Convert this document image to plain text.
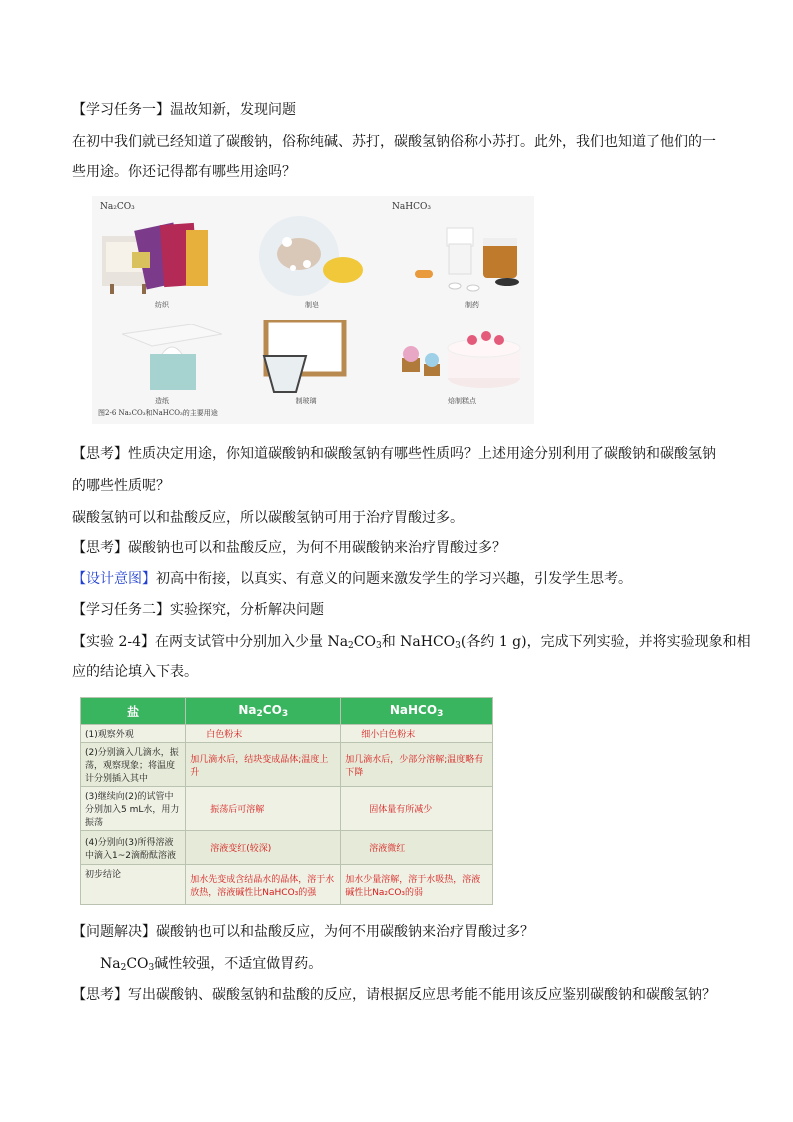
【学习任务一】温故知新，发现问题
在初中我们就已经知道了碳酸钠，俗称纯碱、苏打，碳酸氢钠俗称小苏打。此外，我们也知道了他们的一
些用途。你还记得都有哪些用途吗？
Na₂CO₃	NaHCO₃
纺织	制皂	制药
造纸	制玻璃	焙制糕点
图2-6 Na₂CO₃和NaHCO₃的主要用途
【思考】性质决定用途，你知道碳酸钠和碳酸氢钠有哪些性质吗？上述用途分别利用了碳酸钠和碳酸氢钠
的哪些性质呢？
碳酸氢钠可以和盐酸反应，所以碳酸氢钠可用于治疗胃酸过多。
【思考】碳酸钠也可以和盐酸反应，为何不用碳酸钠来治疗胃酸过多？
【设计意图】初高中衔接，以真实、有意义的问题来激发学生的学习兴趣，引发学生思考。
【学习任务二】实验探究，分析解决问题
【实验 2-4】在两支试管中分别加入少量 $Na_2CO_3$和 NaHCO$_3$(各约 1 g)，完成下列实验，并将实验现象和相
应的结论填入下表。
盐	$Na_2CO_3$	NaHCO$_3$
(1)观察外观	白色粉末	细小白色粉末
(2)分别滴入几滴水，振荡，观察现象；将温度计分别插入其中	加几滴水后，结块变成晶体;温度上升	加几滴水后，少部分溶解;温度略有下降
(3)继续向(2)的试管中分别加入5 mL水，用力振荡	振荡后可溶解	固体量有所减少
(4)分别向(3)所得溶液中滴入1~2滴酚酞溶液	溶液变红(较深)	溶液微红
初步结论	加水先变成含结晶水的晶体，溶于水放热，溶液碱性比NaHCO₃的强	加水少量溶解，溶于水吸热，溶液碱性比Na₂CO₃的弱
【问题解决】碳酸钠也可以和盐酸反应，为何不用碳酸钠来治疗胃酸过多？
$Na_2CO_3$碱性较强，不适宜做胃药。
【思考】写出碳酸钠、碳酸氢钠和盐酸的反应，请根据反应思考能不能用该反应鉴别碳酸钠和碳酸氢钠？
